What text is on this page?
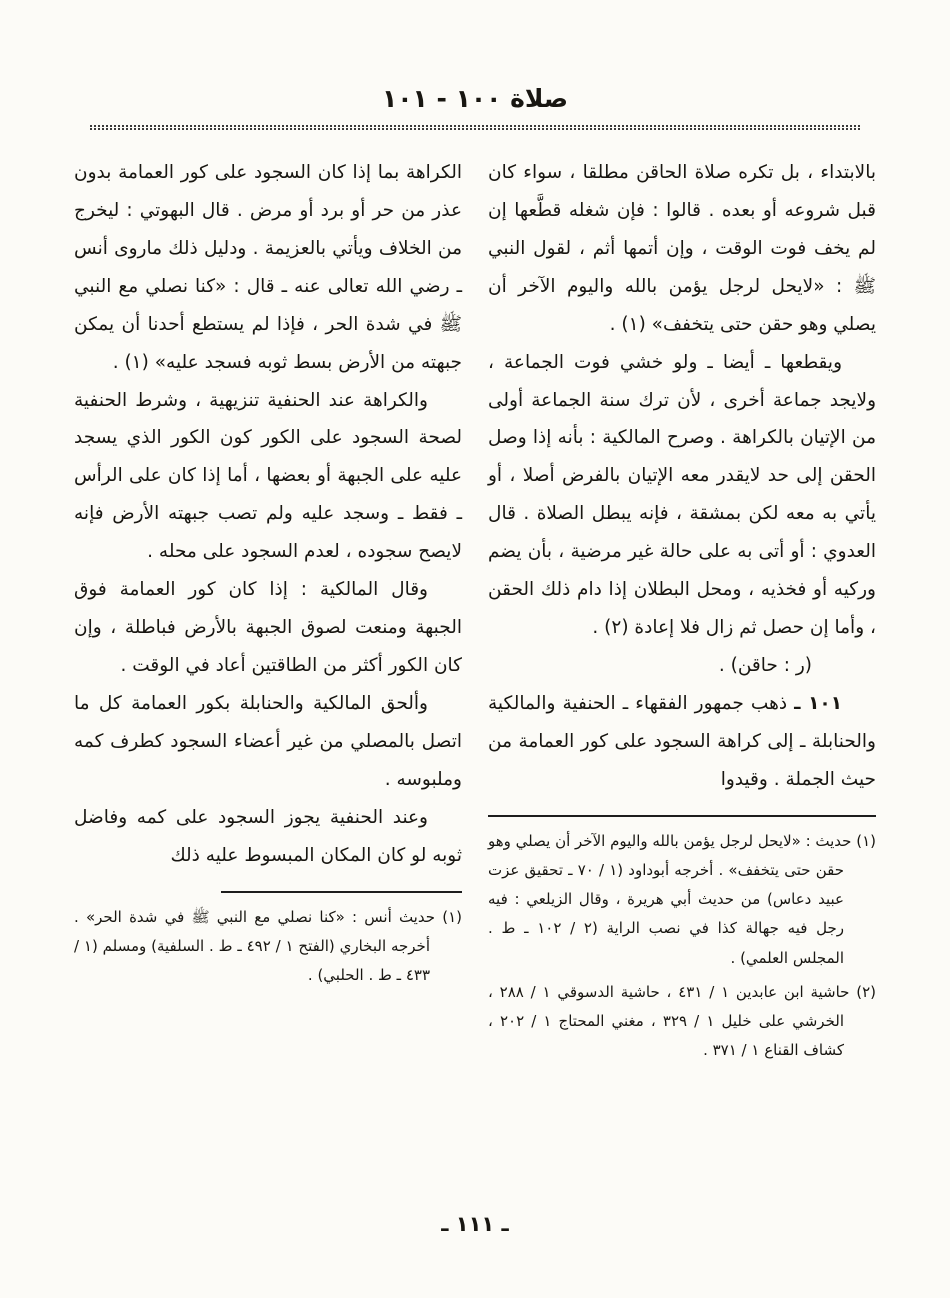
صلاة ١٠٠ - ١٠١

بالابتداء ، بل تكره صلاة الحاقن مطلقا ، سواء كان قبل شروعه أو بعده . قالوا : فإن شغله قطَّعها إن لم يخف فوت الوقت ، وإن أتمها أثم ، لقول النبي ﷺ : «لايحل لرجل يؤمن بالله واليوم الآخر أن يصلي وهو حقن حتى يتخفف» (١) .

ويقطعها ـ أيضا ـ ولو خشي فوت الجماعة ، ولايجد جماعة أخرى ، لأن ترك سنة الجماعة أولى من الإتيان بالكراهة . وصرح المالكية : بأنه إذا وصل الحقن إلى حد لايقدر معه الإتيان بالفرض أصلا ، أو يأتي به معه لكن بمشقة ، فإنه يبطل الصلاة . قال العدوي : أو أتى به على حالة غير مرضية ، بأن يضم وركيه أو فخذيه ، ومحل البطلان إذا دام ذلك الحقن ، وأما إن حصل ثم زال فلا إعادة (٢) .

(ر : حاقن) .

١٠١ ـ ذهب جمهور الفقهاء ـ الحنفية والمالكية والحنابلة ـ إلى كراهة السجود على كور العمامة من حيث الجملة . وقيدوا

(١) حديث : «لايحل لرجل يؤمن بالله واليوم الآخر أن يصلي وهو حقن حتى يتخفف» . أخرجه أبوداود (١ / ٧٠ ـ تحقيق عزت عبيد دعاس) من حديث أبي هريرة ، وقال الزيلعي : فيه رجل فيه جهالة كذا في نصب الراية (٢ / ١٠٢ ـ ط . المجلس العلمي) .

(٢) حاشية ابن عابدين ١ / ٤٣١ ، حاشية الدسوقي ١ / ٢٨٨ ، الخرشي على خليل ١ / ٣٢٩ ، مغني المحتاج ١ / ٢٠٢ ، كشاف القناع ١ / ٣٧١ .

الكراهة بما إذا كان السجود على كور العمامة بدون عذر من حر أو برد أو مرض . قال البهوتي : ليخرج من الخلاف ويأتي بالعزيمة . ودليل ذلك ماروى أنس ـ رضي الله تعالى عنه ـ قال : «كنا نصلي مع النبي ﷺ في شدة الحر ، فإذا لم يستطع أحدنا أن يمكن جبهته من الأرض بسط ثوبه فسجد عليه» (١) .

والكراهة عند الحنفية تنزيهية ، وشرط الحنفية لصحة السجود على الكور كون الكور الذي يسجد عليه على الجبهة أو بعضها ، أما إذا كان على الرأس ـ فقط ـ وسجد عليه ولم تصب جبهته الأرض فإنه لايصح سجوده ، لعدم السجود على محله .

وقال المالكية : إذا كان كور العمامة فوق الجبهة ومنعت لصوق الجبهة بالأرض فباطلة ، وإن كان الكور أكثر من الطاقتين أعاد في الوقت .

وألحق المالكية والحنابلة بكور العمامة كل ما اتصل بالمصلي من غير أعضاء السجود كطرف كمه وملبوسه .

وعند الحنفية يجوز السجود على كمه وفاضل ثوبه لو كان المكان المبسوط عليه ذلك

(١) حديث أنس : «كنا نصلي مع النبي ﷺ في شدة الحر» . أخرجه البخاري (الفتح ١ / ٤٩٢ ـ ط . السلفية) ومسلم (١ / ٤٣٣ ـ ط . الحلبي) .

ـ ١١١ ـ
